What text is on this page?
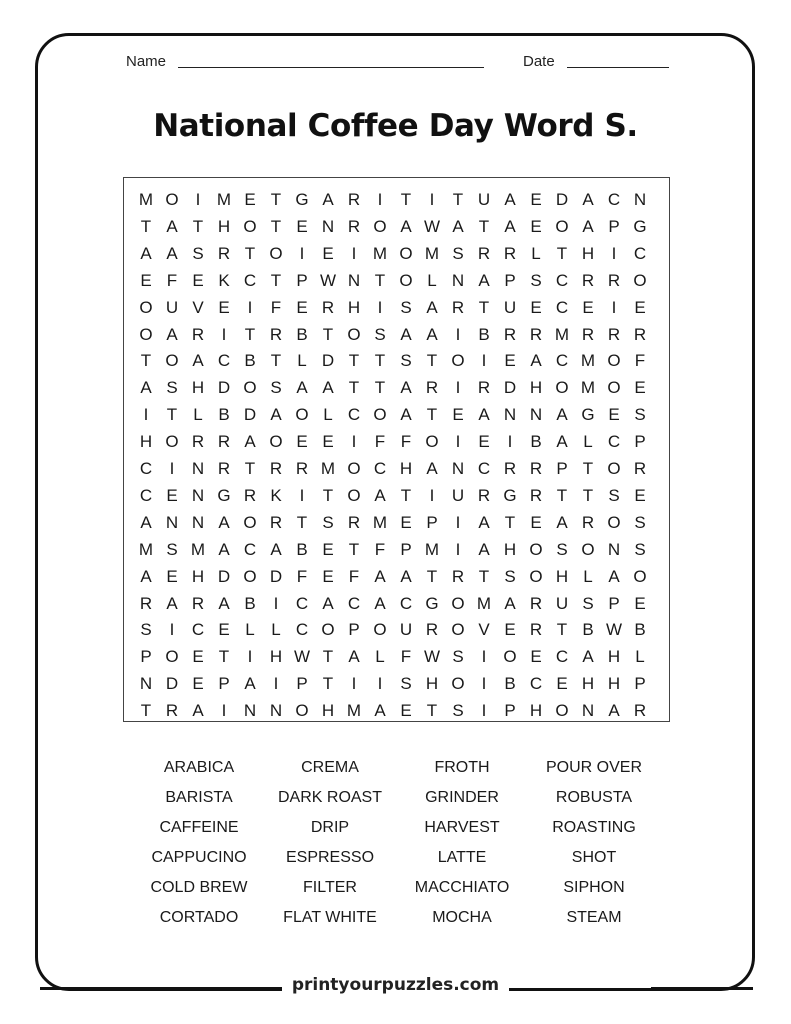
Name	Date
National Coffee Day Word S.
M O	I M E T G A R	I	T	I	T U A E D A C N
T A T H O T E N R O A W A T A E O A P G
A A S R T O	I	E	I M O M S R R L T H	I	C
E F E K C T P W N T O L N A P S C R R O
O U V E	I	F E R H	I	S A R T U E C E	I	E
O A R	I	T R B T O S A A	I	B R R M R R R
T O A C B T L D T T S T O	I	E A C M O F
A S H D O S A A T T A R	I	R D H O M O E
I	T L B D A O L C O A T E A N N A G E S
H O R R A O E E	I	F F O	I	E	I	B A L C P
C	I	N R T R R M O C H A N C R R P T O R
C E N G R K	I	T O A T	I	U R G R T T S E
A N N A O R T S R M E P	I	A T E A R O S
M S M A C A B E T F P M I	A H O S O N S
A E H D O D F E F A A T R T S O H L A O
R A R A B	I	C A C A C G O M A R U S P E
S	I	C E L L C O P O U R O V E R T B W B
P O E T	I	H W T A L F W S	I	O E C A H L
N D E P A	I	P T	I	I	S H O	I	B C E H H P
T R A	I	N N O H M A E T S	I	P H O N A R
ARABICA	CREMA	FROTH	POUR OVER
BARISTA	DARK ROAST	GRINDER	ROBUSTA
CAFFEINE	DRIP	HARVEST	ROASTING
CAPPUCINO	ESPRESSO	LATTE	SHOT
COLD BREW	FILTER	MACCHIATO	SIPHON
CORTADO	FLAT WHITE	MOCHA	STEAM
printyourpuzzles.com
